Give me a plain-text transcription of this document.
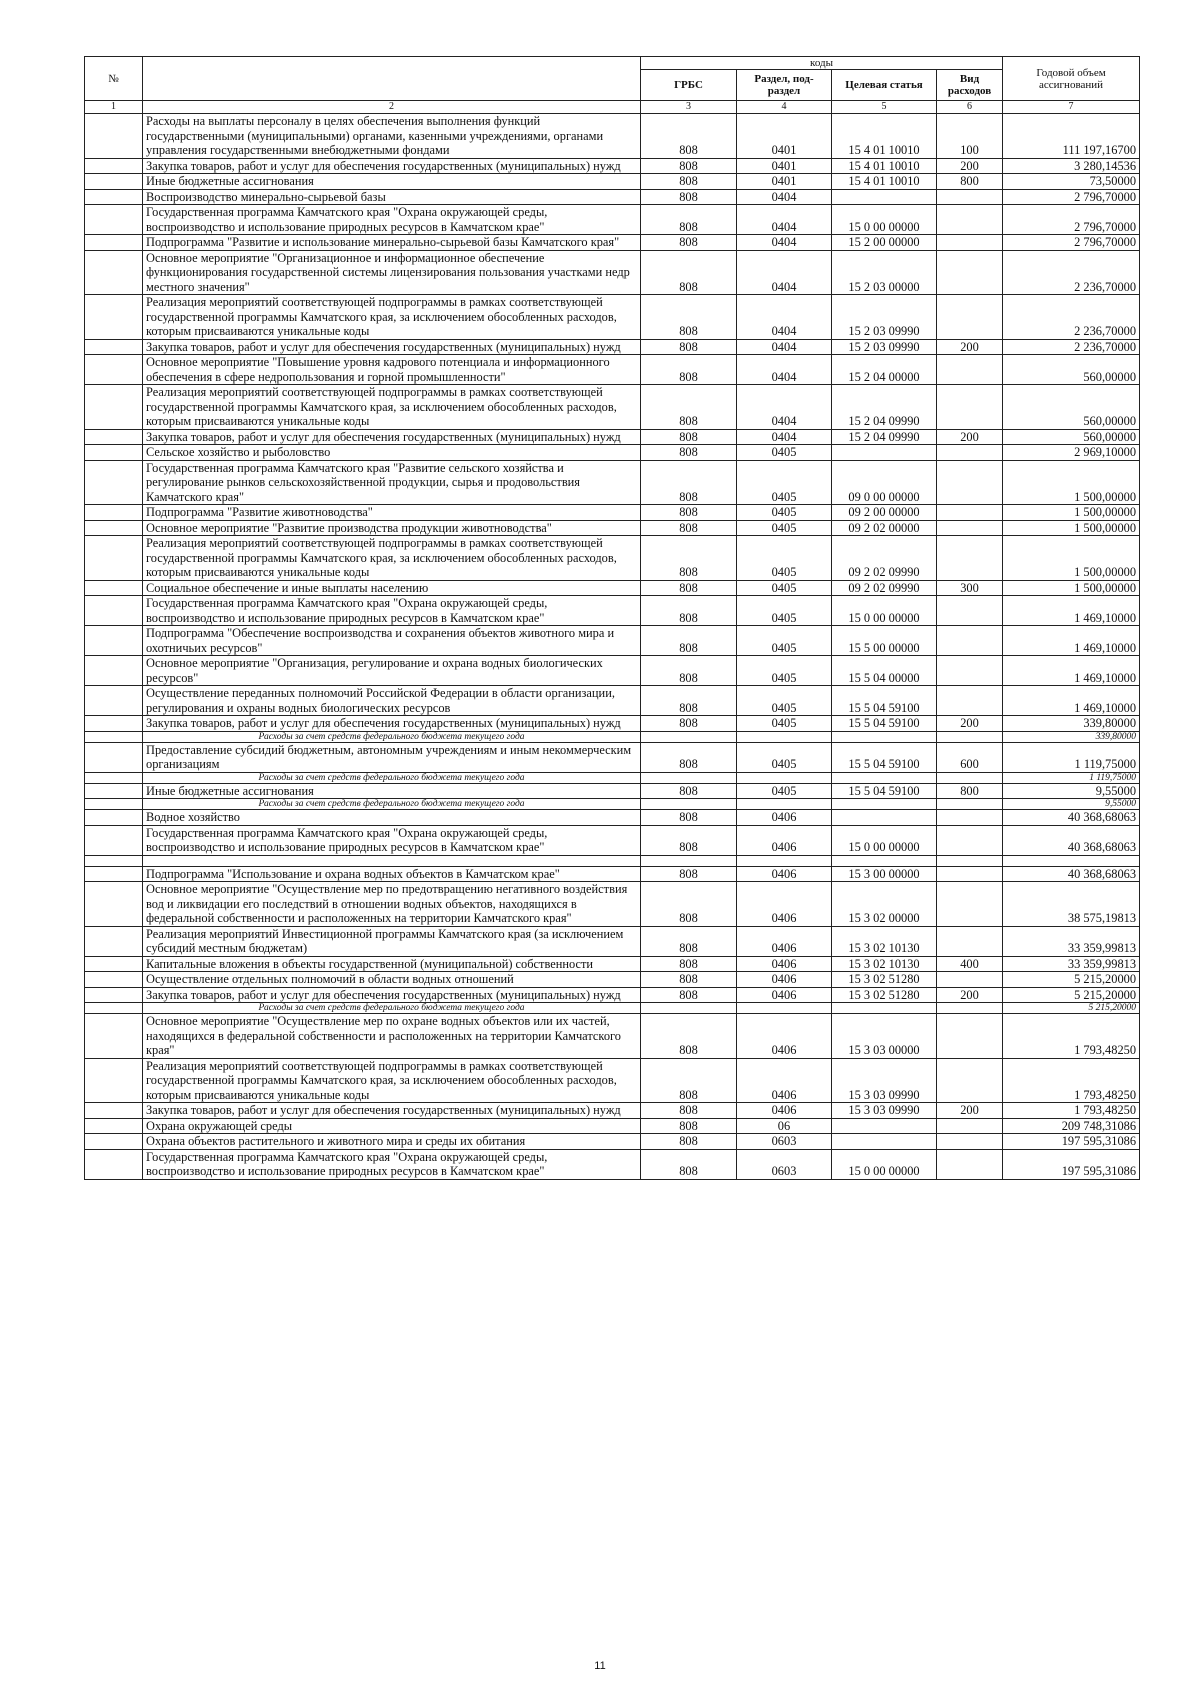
№		коды				Годовой объем ассигнований
		ГРБС	Раздел, под-раздел	Целевая статья	Вид расходов	
1	2	3	4	5	6	7
	Расходы на выплаты персоналу в целях обеспечения выполнения функций государственными (муниципальными) органами, казенными учреждениями, органами управления государственными внебюджетными фондами	808	0401	15 4 01 10010	100	111 197,16700
	Закупка товаров, работ и услуг для обеспечения государственных (муниципальных) нужд	808	0401	15 4 01 10010	200	3 280,14536
	Иные бюджетные ассигнования	808	0401	15 4 01 10010	800	73,50000
	Воспроизводство минерально-сырьевой базы	808	0404			2 796,70000
	Государственная программа Камчатского края "Охрана окружающей среды, воспроизводство и использование природных ресурсов в Камчатском крае"	808	0404	15 0 00 00000		2 796,70000
	Подпрограмма "Развитие и использование минерально-сырьевой базы Камчатского края"	808	0404	15 2 00 00000		2 796,70000
	Основное мероприятие "Организационное и информационное обеспечение функционирования государственной системы лицензирования пользования участками недр местного значения"	808	0404	15 2 03 00000		2 236,70000
	Реализация мероприятий соответствующей подпрограммы в рамках соответствующей государственной программы Камчатского края, за исключением обособленных расходов, которым присваиваются уникальные коды	808	0404	15 2 03 09990		2 236,70000
	Закупка товаров, работ и услуг для обеспечения государственных (муниципальных) нужд	808	0404	15 2 03 09990	200	2 236,70000
	Основное мероприятие "Повышение уровня кадрового потенциала и информационного обеспечения в сфере недропользования и горной промышленности"	808	0404	15 2 04 00000		560,00000
	Реализация мероприятий соответствующей подпрограммы в рамках соответствующей государственной программы Камчатского края, за исключением обособленных расходов, которым присваиваются уникальные коды	808	0404	15 2 04 09990		560,00000
	Закупка товаров, работ и услуг для обеспечения государственных (муниципальных) нужд	808	0404	15 2 04 09990	200	560,00000
	Сельское хозяйство и рыболовство	808	0405			2 969,10000
	Государственная программа Камчатского края "Развитие сельского хозяйства и регулирование рынков сельскохозяйственной продукции, сырья и продовольствия Камчатского края"	808	0405	09 0 00 00000		1 500,00000
	Подпрограмма "Развитие животноводства"	808	0405	09 2 00 00000		1 500,00000
	Основное мероприятие "Развитие производства продукции животноводства"	808	0405	09 2 02 00000		1 500,00000
	Реализация мероприятий соответствующей подпрограммы в рамках соответствующей государственной программы Камчатского края, за исключением обособленных расходов, которым присваиваются уникальные коды	808	0405	09 2 02 09990		1 500,00000
	Социальное обеспечение и иные выплаты населению	808	0405	09 2 02 09990	300	1 500,00000
	Государственная программа Камчатского края "Охрана окружающей среды, воспроизводство и использование природных ресурсов в Камчатском крае"	808	0405	15 0 00 00000		1 469,10000
	Подпрограмма "Обеспечение воспроизводства и сохранения объектов животного мира и охотничьих ресурсов"	808	0405	15 5 00 00000		1 469,10000
	Основное мероприятие "Организация, регулирование и охрана водных биологических ресурсов"	808	0405	15 5 04 00000		1 469,10000
	Осуществление переданных полномочий Российской Федерации в области организации, регулирования и охраны водных биологических ресурсов	808	0405	15 5 04 59100		1 469,10000
	Закупка товаров, работ и услуг для обеспечения государственных (муниципальных) нужд	808	0405	15 5 04 59100	200	339,80000
	Расходы за счет средств федерального бюджета текущего года					339,80000
	Предоставление субсидий бюджетным, автономным учреждениям и иным некоммерческим организациям	808	0405	15 5 04 59100	600	1 119,75000
	Расходы за счет средств федерального бюджета текущего года					1 119,75000
	Иные бюджетные ассигнования	808	0405	15 5 04 59100	800	9,55000
	Расходы за счет средств федерального бюджета текущего года					9,55000
	Водное хозяйство	808	0406			40 368,68063
	Государственная программа Камчатского края "Охрана окружающей среды, воспроизводство и использование природных ресурсов в Камчатском крае"	808	0406	15 0 00 00000		40 368,68063

	Подпрограмма "Использование и охрана водных объектов в Камчатском крае"	808	0406	15 3 00 00000		40 368,68063
	Основное мероприятие "Осуществление мер по предотвращению негативного воздействия вод и ликвидации его последствий в отношении водных объектов, находящихся в федеральной собственности и расположенных на территории Камчатского края"	808	0406	15 3 02 00000		38 575,19813
	Реализация мероприятий Инвестиционной программы Камчатского края (за исключением субсидий местным бюджетам)	808	0406	15 3 02 10130		33 359,99813
	Капитальные вложения в объекты государственной (муниципальной) собственности	808	0406	15 3 02 10130	400	33 359,99813
	Осуществление отдельных полномочий в области водных отношений	808	0406	15 3 02 51280		5 215,20000
	Закупка товаров, работ и услуг для обеспечения государственных (муниципальных) нужд	808	0406	15 3 02 51280	200	5 215,20000
	Расходы за счет средств федерального бюджета текущего года					5 215,20000
	Основное мероприятие "Осуществление мер по охране водных объектов или их частей, находящихся в федеральной собственности и расположенных на территории Камчатского края"	808	0406	15 3 03 00000		1 793,48250
	Реализация мероприятий соответствующей подпрограммы в рамках соответствующей государственной программы Камчатского края, за исключением обособленных расходов, которым присваиваются уникальные коды	808	0406	15 3 03 09990		1 793,48250
	Закупка товаров, работ и услуг для обеспечения государственных (муниципальных) нужд	808	0406	15 3 03 09990	200	1 793,48250
	Охрана окружающей среды	808	06			209 748,31086
	Охрана объектов растительного и животного мира и среды их обитания	808	0603			197 595,31086
	Государственная программа Камчатского края "Охрана окружающей среды, воспроизводство и использование природных ресурсов в Камчатском крае"	808	0603	15 0 00 00000		197 595,31086
11
